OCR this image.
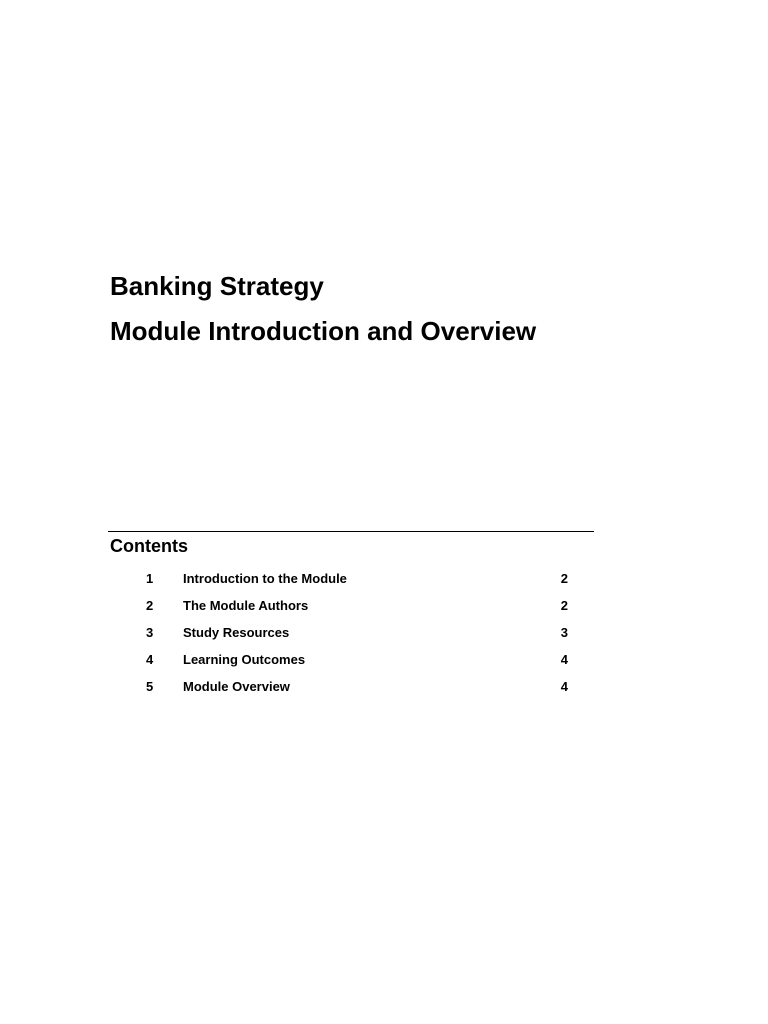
Banking Strategy
Module Introduction and Overview
Contents
1 Introduction to the Module	2
2 The Module Authors	2
3 Study Resources	3
4 Learning Outcomes	4
5 Module Overview	4
